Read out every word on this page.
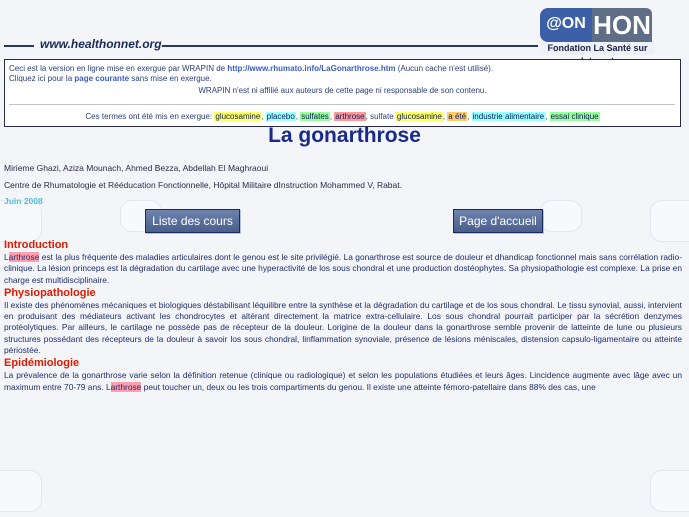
www.healthonnet.org
@ON HON
Fondation La Santé sur
Ceci est la version en ligne mise en exergue par WRAPIN de http://www.rhumato.info/LaGonarthrose.htm (Aucun cache n'est utilisé).
Cliquez ici pour la page courante sans mise en exergue.
WRAPIN n'est ni affilié aux auteurs de cette page ni responsable de son contenu.
Ces termes ont été mis en exergue: glucosamine, placebo, sulfates, arthrose, sulfate glucosamine, a été, industrie alimentaire, essai clinique
La gonarthrose
Mirieme Ghazi, Aziza Mounach, Ahmed Bezza, Abdellah El Maghraoui
Centre de Rhumatologie et Rééducation Fonctionnelle, Hôpital Militaire dInstruction Mohammed V, Rabat.
Juin 2008
Liste des cours	Page d'accueil
Introduction

Larthrose est la plus fréquente des maladies articulaires dont le genou est le site privilégié. La gonarthrose est source de douleur et dhandicap fonctionnel mais sans corrélation radio- clinique. La lésion princeps est la dégradation du cartilage avec une hyperactivité de los sous chondral et une production dostéophytes. Sa physiopathologie est complexe. La prise en charge est multidisciplinaire.

Physiopathologie

Il existe des phénomènes mécaniques et biologiques déstabilisant léquilibre entre la synthèse et la dégradation du cartilage et de los sous chondral. Le tissu synovial, aussi, intervient en produisant des médiateurs activant les chondrocytes et altérant directement la matrice extra-cellulaire. Los sous chondral pourrait participer par la sécrétion denzymes protéolytiques. Par ailleurs, le cartilage ne possède pas de récepteur de la douleur. Lorigine de la douleur dans la gonarthrose semble provenir de latteinte de lune ou plusieurs structures possédant des récepteurs de la douleur à savoir los sous chondral, linflammation synoviale, présence de lésions méniscales, distension capsulo-ligamentaire ou atteinte périostée.

Epidémiologie

La prévalence de la gonarthrose varie selon la définition retenue (clinique ou radiologique) et selon les populations étudiées et leurs âges. Lincidence augmente avec lâge avec un maximum entre 70-79 ans. Larthrose peut toucher un, deux ou les trois compartiments du genou. Il existe une atteinte fémoro-patellaire dans 88% des cas, une
